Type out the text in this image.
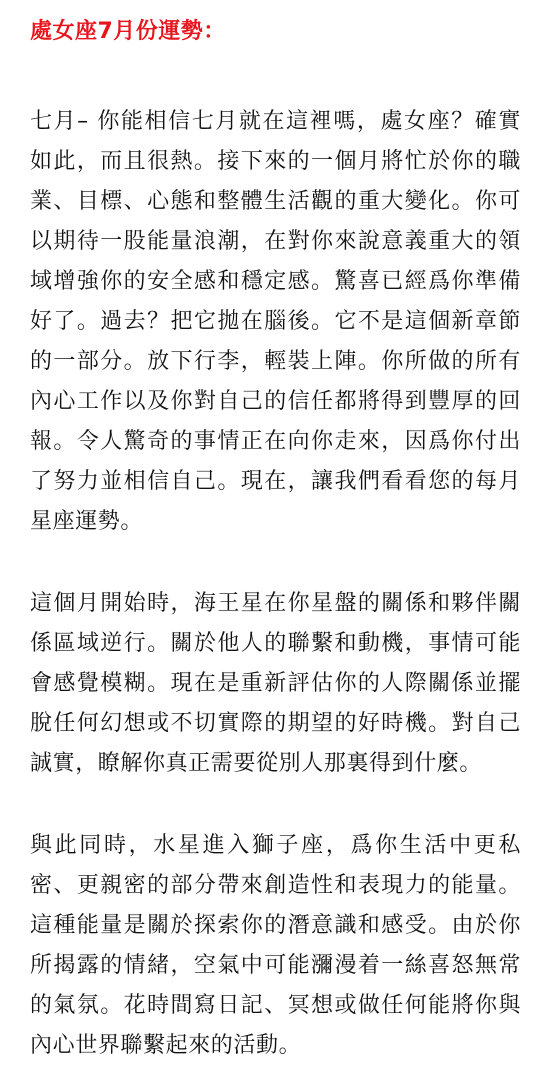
處女座7月份運勢：

七月– 你能相信七月就在這裡嗎，處女座？確實如此，而且很熱。接下來的一個月將忙於你的職業、目標、心態和整體生活觀的重大變化。你可以期待一股能量浪潮，在對你來說意義重大的領域增強你的安全感和穩定感。驚喜已經爲你準備好了。過去？把它拋在腦後。它不是這個新章節的一部分。放下行李，輕裝上陣。你所做的所有內心工作以及你對自己的信任都將得到豐厚的回報。令人驚奇的事情正在向你走來，因爲你付出了努力並相信自己。現在，讓我們看看您的每月星座運勢。

這個月開始時，海王星在你星盤的關係和夥伴關係區域逆行。關於他人的聯繫和動機，事情可能會感覺模糊。現在是重新評估你的人際關係並擺脫任何幻想或不切實際的期望的好時機。對自己誠實，瞭解你真正需要從別人那裏得到什麼。

與此同時，水星進入獅子座，爲你生活中更私密、更親密的部分帶來創造性和表現力的能量。這種能量是關於探索你的潛意識和感受。由於你所揭露的情緒，空氣中可能瀰漫着一絲喜怒無常的氣氛。花時間寫日記、冥想或做任何能將你與內心世界聯繫起來的活動。
